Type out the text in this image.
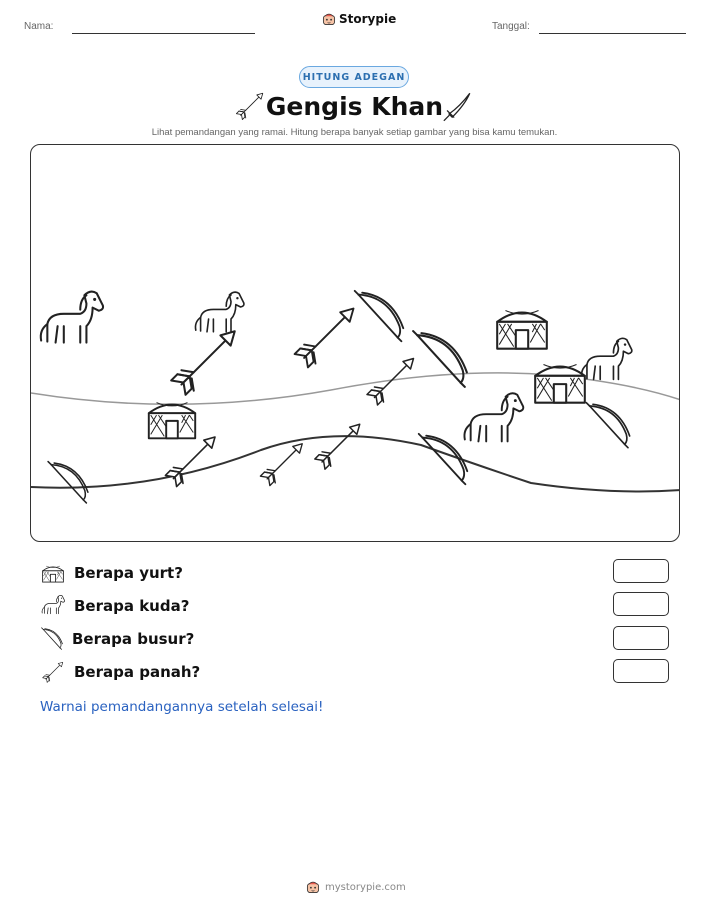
Nama:
Storypie
Tanggal:
HITUNG ADEGAN
Gengis Khan
Lihat pemandangan yang ramai. Hitung berapa banyak setiap gambar yang bisa kamu temukan.
Berapa yurt?
Berapa kuda?
Berapa busur?
Berapa panah?
Warnai pemandangannya setelah selesai!
mystorypie.com
